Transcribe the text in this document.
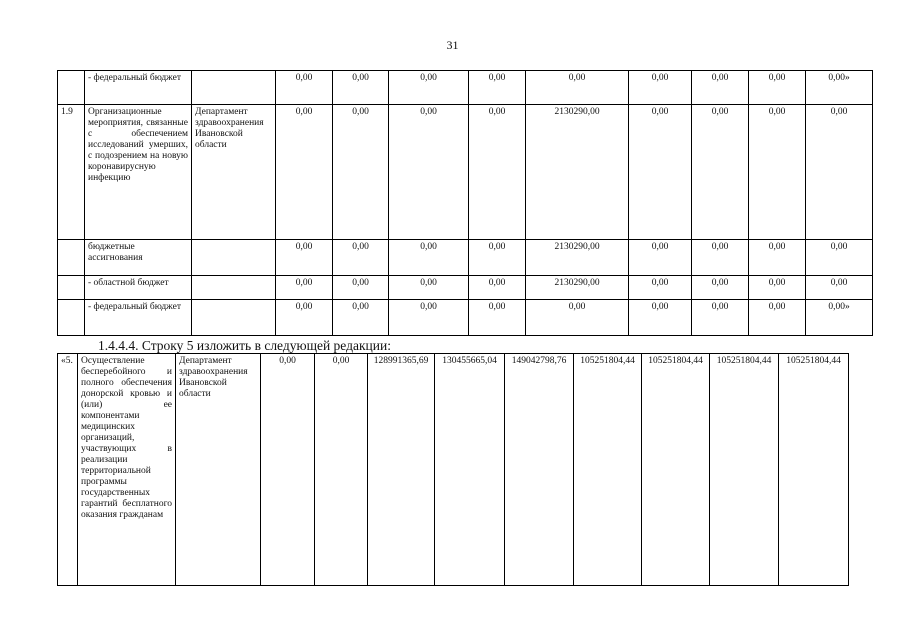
31
	- федеральный бюджет		0,00	0,00	0,00	0,00	0,00	0,00	0,00	0,00	0,00»
1.9	Организационные мероприятия, связанные с обеспечением исследований умерших, с подозрением на новую коронавирусную инфекцию	Департамент здравоохранения Ивановской области	0,00	0,00	0,00	0,00	2130290,00	0,00	0,00	0,00	0,00
	бюджетные ассигнования		0,00	0,00	0,00	0,00	2130290,00	0,00	0,00	0,00	0,00
	- областной бюджет		0,00	0,00	0,00	0,00	2130290,00	0,00	0,00	0,00	0,00
	- федеральный бюджет		0,00	0,00	0,00	0,00	0,00	0,00	0,00	0,00	0,00»
1.4.4.4. Строку 5 изложить в следующей редакции:
«5.	Осуществление бесперебойного и полного обеспечения донорской кровью и (или) ее компонентами медицинских организаций, участвующих в реализации территориальной программы государственных гарантий бесплатного оказания гражданам	Департамент здравоохранения Ивановской области	0,00	0,00	128991365,69	130455665,04	149042798,76	105251804,44	105251804,44	105251804,44	105251804,44
